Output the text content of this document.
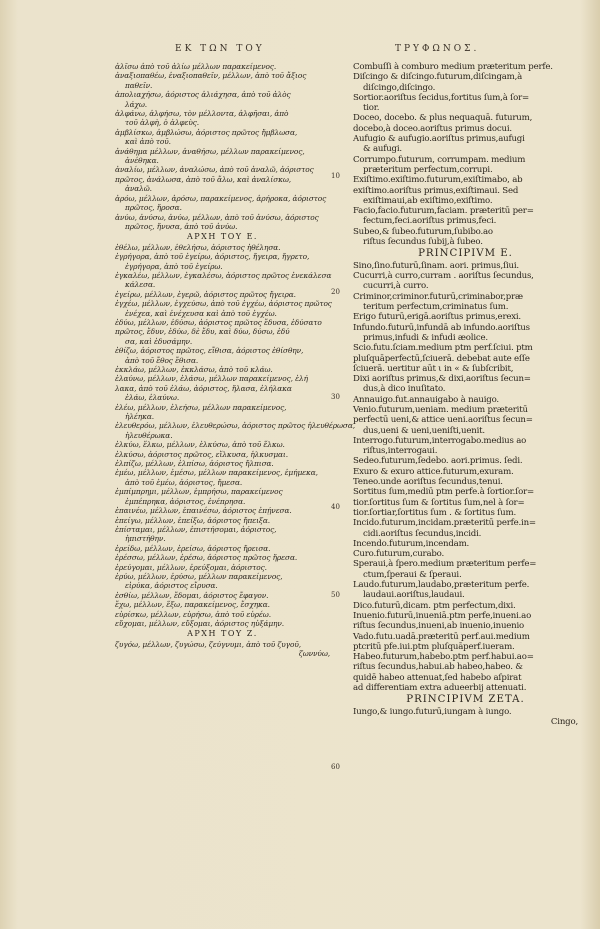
ΕΚ ΤΩΝ ΤΟΥ	ΤΡΥΦΩΝΟΣ.
ἀλῖσω ἀπὸ τοῦ ἁλίω μέλλων παρακείμενος.
ἀναξιοπαθέω, ἐναξιοπαθεῖν, μέλλων, ἀπὸ τοῦ ἄξιος
παθεῖν.
ἀπολιαχήσω, ἀόριστος ἀλιάχησα, ἀπὸ τοῦ ἀλὸς
λάχω.
ἀλφάνω, ἀλφήσω, τὸν μέλλοντα, ἀλφῆσαι, ἀπὸ
τοῦ ἀλφὴ, ὁ ἀλφεὺς.
ἀμβλίσκω, ἀμβλώσω, ἀόριστος πρῶτος ἤμβλωσα,
καὶ ἀπὸ τοῦ.
ἀνάθημα μέλλων, ἀναθήσω, μέλλων παρακείμενος,
ἀνέθηκα.
ἀναλίω, μέλλων, ἀναλώσω, ἀπὸ τοῦ ἀναλῶ, ἀόριστος
πρῶτος, ἀνάλωσα, ἀπὸ τοῦ ἄλω, καὶ ἀναλίσκω,
ἀναλῶ.
ἀρόω, μέλλων, ἀρόσω, παρακείμενος, ἀρήροκα, ἀόριστος
πρῶτος, ἤροσα.
ἀνύω, ἀνύσω, ἀνύω, μέλλων, ἀπὸ τοῦ ἀνύσω, ἀόριστος
πρῶτος, ἤνυσα, ἀπὸ τοῦ ἀνύω.
ΑΡΧΗ ΤΟΥ Ε.
ἐθέλω, μέλλων, ἐθελήσω, ἀόριστος ἠθέλησα.
ἐγρήγορα, ἀπὸ τοῦ ἐγείρω, ἀόριστος, ἤγειρα, ἤγρετο,
ἐγρήγορα, ἀπὸ τοῦ ἐγείρω.
ἐγκαλέω, μέλλων, ἐγκαλέσω, ἀόριστος πρῶτος ἐνεκάλεσα
κάλεσα.
ἐγείρω, μέλλων, ἐγερῶ, ἀόριστος πρῶτος ἤγειρα.
ἐγχέω, μέλλων, ἐγχεύσω, ἀπὸ τοῦ ἐγχέω, ἀόριστος πρῶτος
ἐνέχεα, καὶ ἐνέχευσα καὶ ἀπὸ τοῦ ἐγχέω.
ἐδύω, μέλλων, ἐδύσω, ἀόριστος πρῶτος ἔδυσα, ἐδύσατο
πρῶτος, ἔδυν, ἐδύω, δὲ ἔδυ, καὶ δύω, δύσω, ἐδύ
σα, καὶ ἐδυσάμην.
ἐθίζω, ἀόριστος πρῶτος, εἴθισα, ἀόριστος ἐθίσθην,
ἀπὸ τοῦ ἔθος ἔθισα.
ἐκκλάω, μέλλων, ἐκκλάσω, ἀπὸ τοῦ κλάω.
ἐλαύνω, μέλλων, ἐλάσω, μέλλων παρακείμενος, ἐλή
λακα, ἀπὸ τοῦ ἐλάω, ἀόριστος, ἤλασα, ἐλήλακα
ἐλάω, ἐλαύνω.
ἐλέω, μέλλων, ἐλεήσω, μέλλων παρακείμενος,
ἠλέηκα.
ἐλευθερόω, μέλλων, ἐλευθερώσω, ἀόριστος πρῶτος ἠλευθέρωσα,
ἠλευθέρωκα.
ἐλκύω, ἕλκω, μέλλων, ἑλκύσω, ἀπὸ τοῦ ἕλκω.
ἐλκύσω, ἀόριστος πρῶτος, εἵλκυσα, ἡλκυσμαι.
ἐλπίζω, μέλλων, ἐλπίσω, ἀόριστος ἤλπισα.
ἐμέω, μέλλων, ἐμέσω, μέλλων παρακείμενος, ἐμήμεκα,
ἀπὸ τοῦ ἐμέω, ἀόριστος, ἤμεσα.
ἐμπίμπρημι, μέλλων, ἐμπρήσω, παρακείμενος
ἐμπέπρηκα, ἀόριστος, ἐνέπρησα.
ἐπαινέω, μέλλων, ἐπαινέσω, ἀόριστος ἐπῄνεσα.
ἐπείγω, μέλλων, ἐπείξω, ἀόριστος ἤπειξα.
ἐπίσταμαι, μέλλων, ἐπιστήσομαι, ἀόριστος,
ἠπιστήθην.
ἐρείδω, μέλλων, ἐρείσω, ἀόριστος ἤρεισα.
ἐρέσσω, μέλλων, ἐρέσω, ἀόριστος πρῶτος ἤρεσα.
ἐρεύγομαι, μέλλων, ἐρεύξομαι, ἀόριστος.
ἐρύω, μέλλων, ἐρύσω, μέλλων παρακείμενος,
εἰρύκα, ἀόριστος εἴρυσα.
ἐσθίω, μέλλων, ἔδομαι, ἀόριστος ἔφαγον.
ἔχω, μέλλων, ἕξω, παρακείμενος, ἔσχηκα.
εὑρίσκω, μέλλων, εὑρήσω, ἀπὸ τοῦ εὑρέω.
εὔχομαι, μέλλων, εὔξομαι, ἀόριστος ηὐξάμην.
ΑΡΧΗ ΤΟΥ Ζ.
ζυγόω, μέλλων, ζυγώσω, ζεύγνυμι, ἀπὸ τοῦ ζυγοῦ,
ζωννύω,
Combuſſi à comburo medium præteritum perfe.
Diſcingo & diſcingo.futurum,diſcingam,à
diſcingo,diſcingo.
Sortior.aoriſtus ſecidus,fortitus ſum,à ſor=
tior.
Doceo, docebo. & plus nequaquā. futurum,
docebo,à doceo.aoriſtus primus docui.
Aufugio & aufugio.aoriſtus primus,aufugi
& aufugi.
Corrumpo.futurum, corrumpam. medium
præteritum perfectum,corrupi.
Exiſtimo.exiſtimo.futurum,exiſtimabo, ab
exiſtimo.aoriſtus primus,exiſtimaui. Sed
exiſtimaui,ab exiſtimo,exiſtimo.
Facio,facio.futurum,faciam. præteritū per=
fectum,feci.aoriſtus primus,feci.
Subeo,& ſubeo.futurum,ſubibo.ao
riſtus ſecundus ſubij,à ſubeo.
PRINCIPIVM E.
Sino,ſino.futurū,ſinam. aori. primus,ſiui.
Cucurri,à curro,curram . aoriſtus ſecundus,
cucurri,à curro.
Criminor,criminor.futurū,criminabor,præ
teritum perfectum,criminatus ſum.
Erigo futurū,erigā.aoriſtus primus,erexi.
Infundo.futurū,infundā ab infundo.aoriſtus
primus,infudi & infudi æolice.
Scio.futu.ſciam.medium ptm perf.ſciui. ptm
pluſquāperfectū,ſciuerā. debebat aute eſſe
ſciuerā. uertitur aūt ι in « & ſubſcribit,
Dixi aoriſtus primus,& dixi,aoriſtus ſecun=
dus,à dico inuſitato.
Annauigo.fut.annauigabo à nauigo.
Venio.futurum,ueniam. medium præteritū
perfectū ueni,& attice ueni.aoriſtus ſecun=
dus,ueni & ueni,ueniſti,uenit.
Interrogo.futurum,interrogabo.medius ao
riſtus,interrogaui.
Sedeo.futurum,ſedebo. aori.primus. ſedi.
Exuro & exuro attice.futurum,exuram.
Teneo.unde aoriſtus ſecundus,tenui.
Sortitus ſum,mediū ptm perfe.à ſortior.ſor=
tior.ſortitus ſum & ſortitus ſum,nel à ſor=
tior.ſortiar,ſortitus ſum . & ſortitus ſum.
Incido.futurum,incidam.præteritū perfe.in=
cidi.aoriſtus ſecundus,incidi.
Incendo.futurum,incendam.
Curo.futurum,curabo.
Speraui,à ſpero.medium præteritum perfe=
ctum,ſperaui & ſperaui.
Laudo.futurum,laudabo,præteritum perfe.
laudaui.aoriſtus,laudaui.
Dico.futurū,dicam. ptm perfectum,dixi.
Inuenio.futurū,inueniā.ptm perfe,inueni.ao
riſtus ſecundus,inueni,ab inuenio,inuenio
Vado.futu.uadā.præteritū perf.aui.medium
ptcritū pfe.iui.ptm pluſquāperf.iueram.
Habeo.futurum,habebo.ptm perf.habui.ao=
riſtus ſecundus,habui.ab habeo,habeo. &
quidē habeo attenuat,ſed habebo aſpirat
ad differentiam extra adueerbij attenuati.
PRINCIPIVM ZETA.
Iungo,& iungo.futurū,iungam à iungo.
Cingo,
10
20
30
40
50
60
